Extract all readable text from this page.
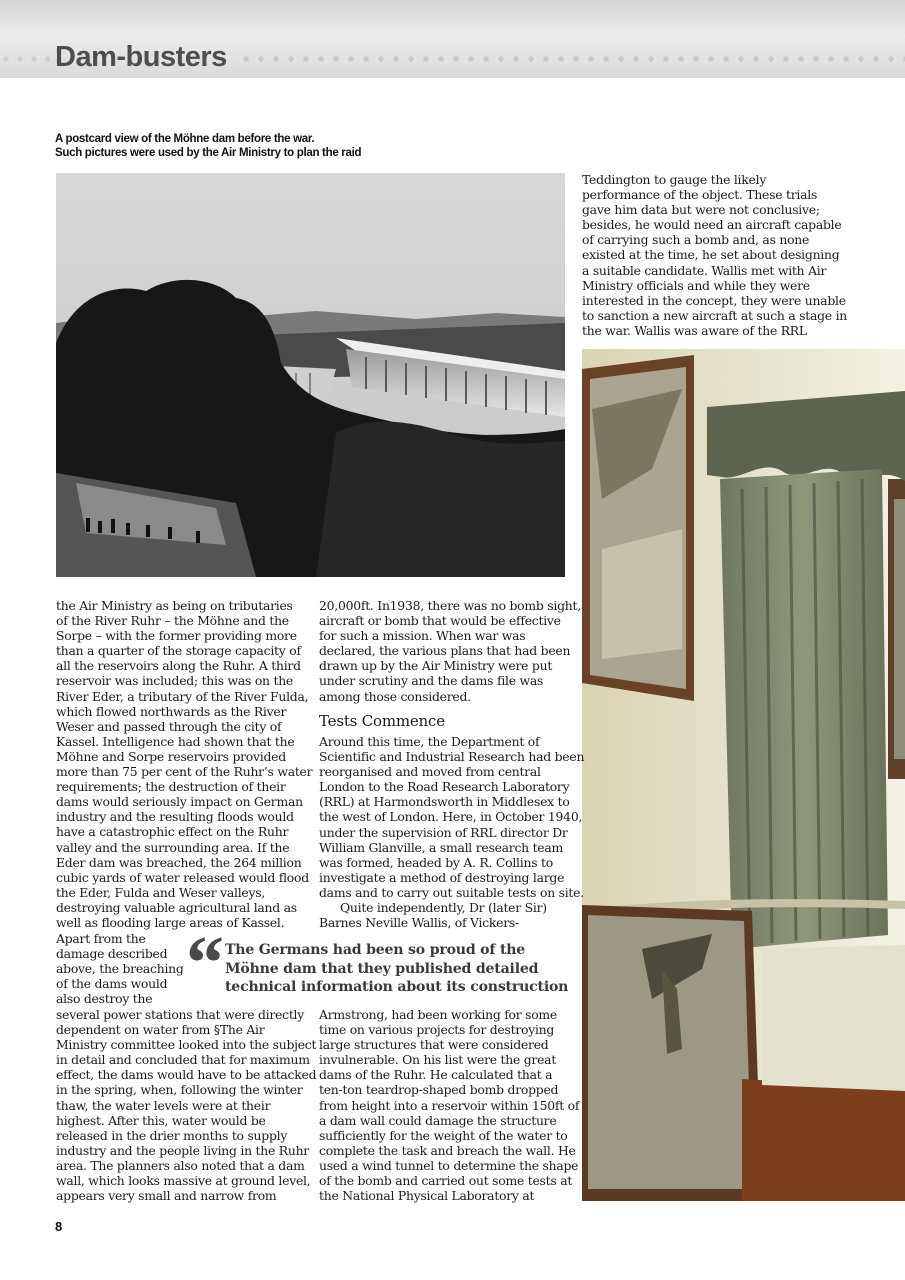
Dam-busters
A postcard view of the Möhne dam before the war.
Such pictures were used by the Air Ministry to plan the raid
the Air Ministry as being on tributaries
of the River Ruhr – the Möhne and the
Sorpe – with the former providing more
than a quarter of the storage capacity of
all the reservoirs along the Ruhr. A third
reservoir was included; this was on the
River Eder, a tributary of the River Fulda,
which flowed northwards as the River
Weser and passed through the city of
Kassel. Intelligence had shown that the
Möhne and Sorpe reservoirs provided
more than 75 per cent of the Ruhr’s water
requirements; the destruction of their
dams would seriously impact on German
industry and the resulting floods would
have a catastrophic effect on the Ruhr
valley and the surrounding area. If the
Eder dam was breached, the 264 million
cubic yards of water released would flood
the Eder, Fulda and Weser valleys,
destroying valuable agricultural land as
well as flooding large areas of Kassel.
Apart from the
damage described
above, the breaching
of the dams would
also destroy the
several power stations that were directly
dependent on water from §The Air
Ministry committee looked into the subject
in detail and concluded that for maximum
effect, the dams would have to be attacked
in the spring, when, following the winter
thaw, the water levels were at their
highest. After this, water would be
released in the drier months to supply
industry and the people living in the Ruhr
area. The planners also noted that a dam
wall, which looks massive at ground level,
appears very small and narrow from
20,000ft. In1938, there was no bomb sight,
aircraft or bomb that would be effective
for such a mission. When war was
declared, the various plans that had been
drawn up by the Air Ministry were put
under scrutiny and the dams file was
among those considered.
Tests Commence
Around this time, the Department of
Scientific and Industrial Research had been
reorganised and moved from central
London to the Road Research Laboratory
(RRL) at Harmondsworth in Middlesex to
the west of London. Here, in October 1940,
under the supervision of RRL director Dr
William Glanville, a small research team
was formed, headed by A. R. Collins to
investigate a method of destroying large
dams and to carry out suitable tests on site.
Quite independently, Dr (later Sir)
Barnes Neville Wallis, of Vickers-
“ The Germans had been so proud of the
Möhne dam that they published detailed
technical information about its construction
Armstrong, had been working for some
time on various projects for destroying
large structures that were considered
invulnerable. On his list were the great
dams of the Ruhr. He calculated that a
ten-ton teardrop-shaped bomb dropped
from height into a reservoir within 150ft of
a dam wall could damage the structure
sufficiently for the weight of the water to
complete the task and breach the wall. He
used a wind tunnel to determine the shape
of the bomb and carried out some tests at
the National Physical Laboratory at
Teddington to gauge the likely
performance of the object. These trials
gave him data but were not conclusive;
besides, he would need an aircraft capable
of carrying such a bomb and, as none
existed at the time, he set about designing
a suitable candidate. Wallis met with Air
Ministry officials and while they were
interested in the concept, they were unable
to sanction a new aircraft at such a stage in
the war. Wallis was aware of the RRL
8
